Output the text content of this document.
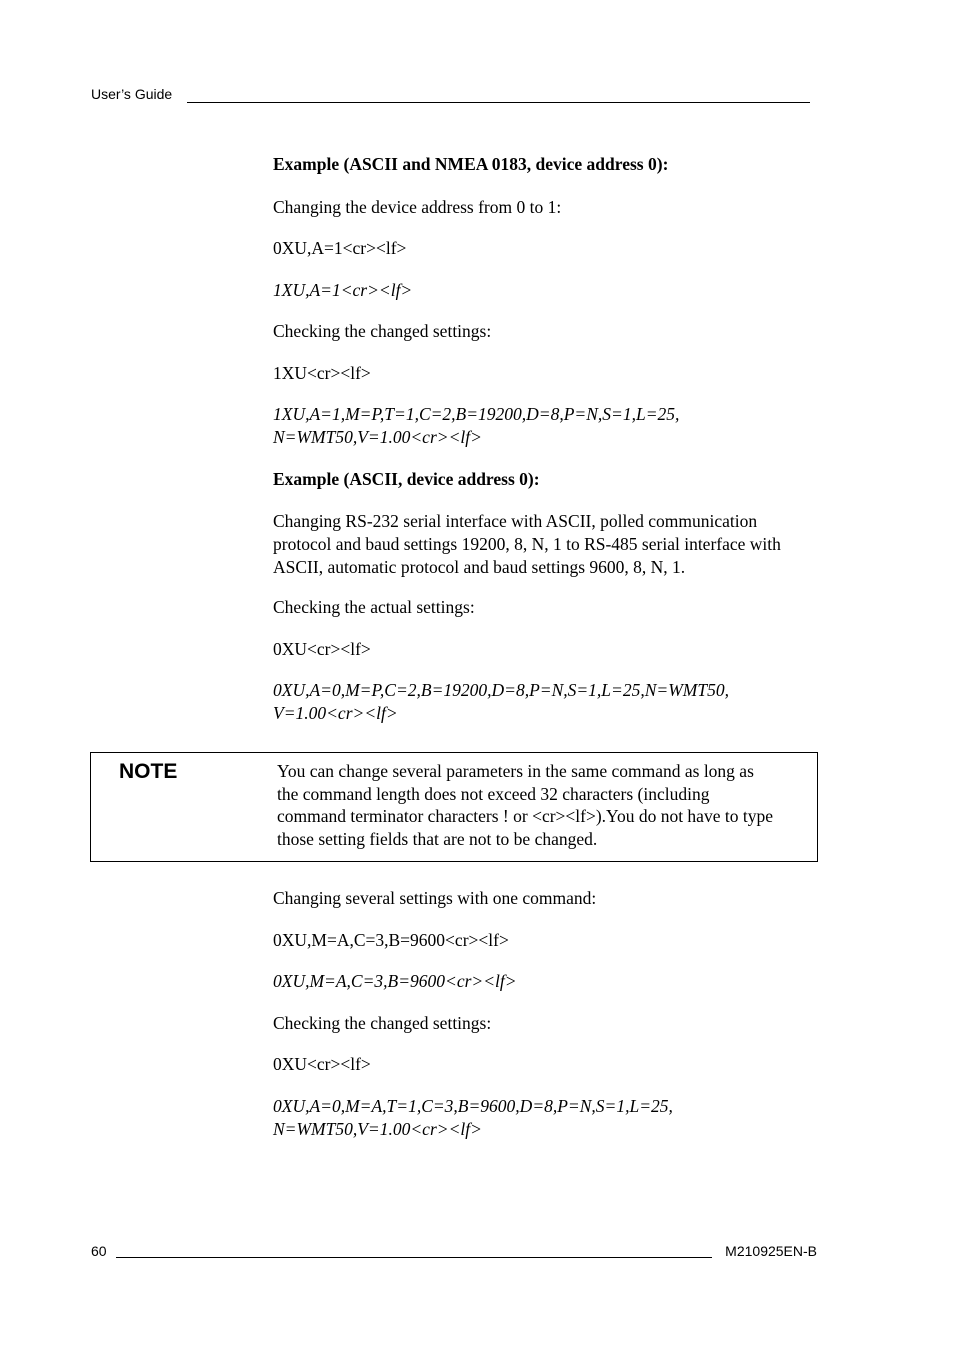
User’s Guide
Example (ASCII and NMEA 0183, device address 0):
Changing the device address from 0 to 1:
0XU,A=1<cr><lf>
1XU,A=1<cr><lf>
Checking the changed settings:
1XU<cr><lf>
1XU,A=1,M=P,T=1,C=2,B=19200,D=8,P=N,S=1,L=25,
N=WMT50,V=1.00<cr><lf>
Example (ASCII, device address 0):
Changing RS-232 serial interface with ASCII, polled communication
protocol and baud settings 19200, 8, N, 1 to RS-485 serial interface with
ASCII, automatic protocol and baud settings 9600, 8, N, 1.
Checking the actual settings:
0XU<cr><lf>
0XU,A=0,M=P,C=2,B=19200,D=8,P=N,S=1,L=25,N=WMT50,
V=1.00<cr><lf>
NOTE	You can change several parameters in the same command as long as
the command length does not exceed 32 characters (including
command terminator characters ! or <cr><lf>).You do not have to type
those setting fields that are not to be changed.
Changing several settings with one command:
0XU,M=A,C=3,B=9600<cr><lf>
0XU,M=A,C=3,B=9600<cr><lf>
Checking the changed settings:
0XU<cr><lf>
0XU,A=0,M=A,T=1,C=3,B=9600,D=8,P=N,S=1,L=25,
N=WMT50,V=1.00<cr><lf>
60	M210925EN-B
